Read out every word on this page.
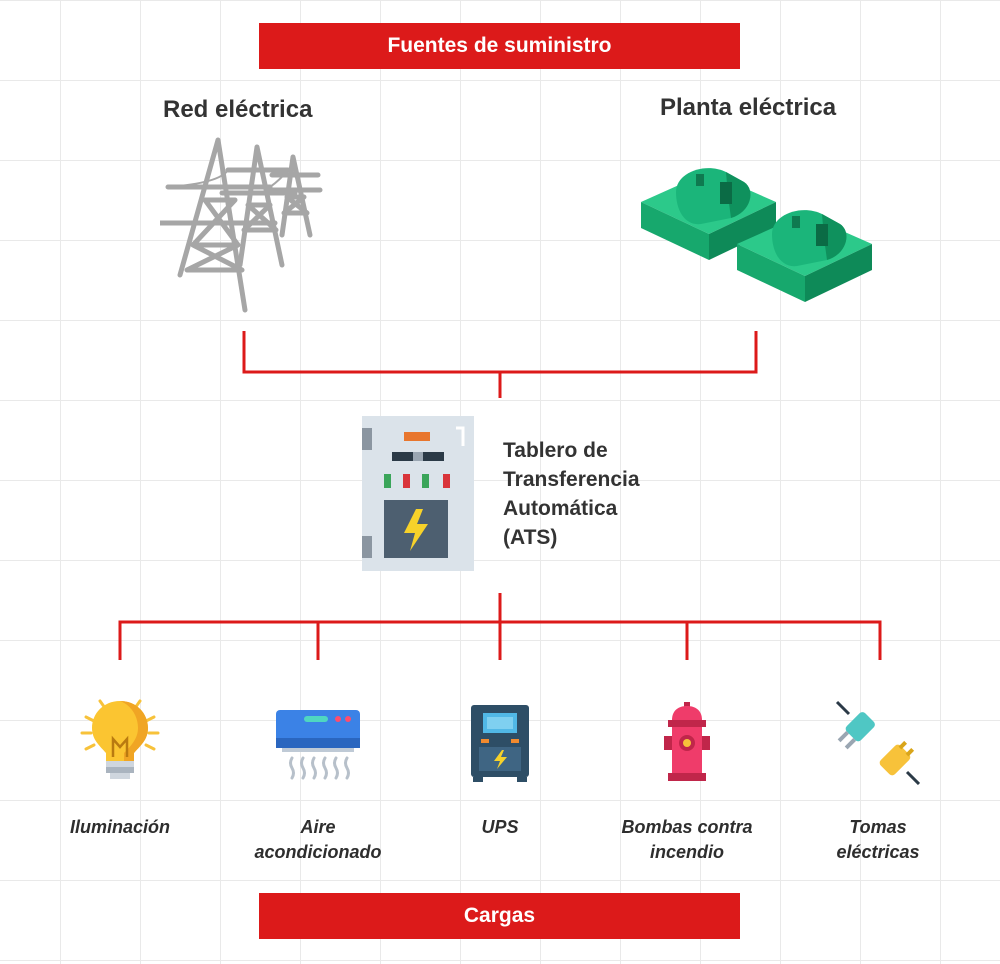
Fuentes de suministro
Cargas
Red eléctrica	Planta eléctrica
Tablero de
Transferencia
Automática
(ATS)
Iluminación	Aire
acondicionado
UPS	Bombas contra
incendio
Tomas
eléctricas
